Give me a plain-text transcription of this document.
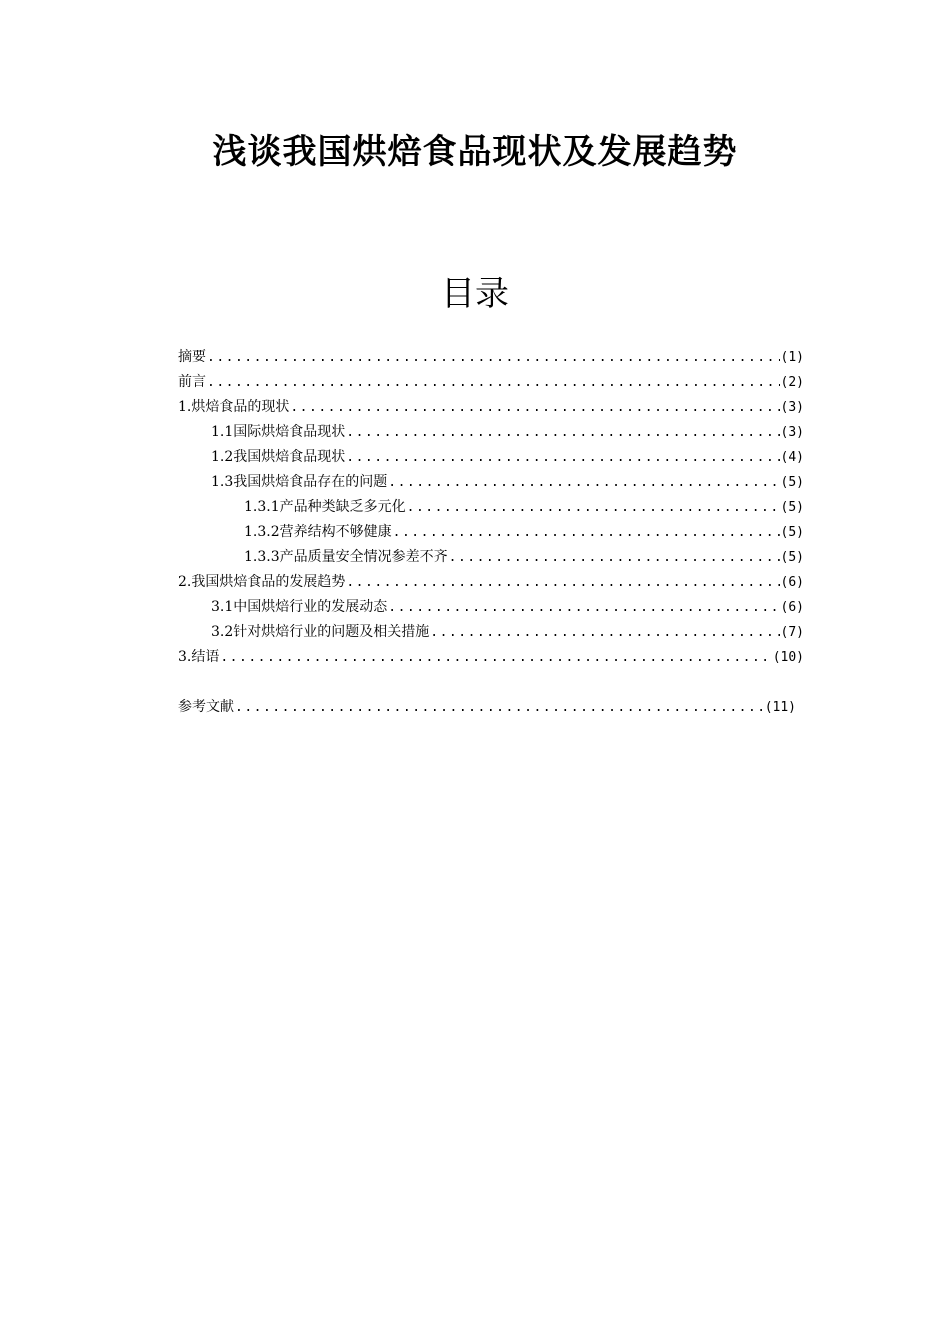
浅谈我国烘焙食品现状及发展趋势
目录
摘要 .....	(1)
前言 .....	(2)
1.烘焙食品的现状 .....	(3)
1.1国际烘焙食品现状 .....	(3)
1.2我国烘焙食品现状 .....	(4)
1.3我国烘焙食品存在的问题 .....	(5)
1.3.1产品种类缺乏多元化 .....	(5)
1.3.2营养结构不够健康 .....	(5)
1.3.3产品质量安全情况参差不齐 .....	(5)
2.我国烘焙食品的发展趋势 .....	(6)
3.1中国烘焙行业的发展动态 .....	(6)
3.2针对烘焙行业的问题及相关措施 .....	(7)
3.结语 .....	(10)
参考文献 .....	(11)
